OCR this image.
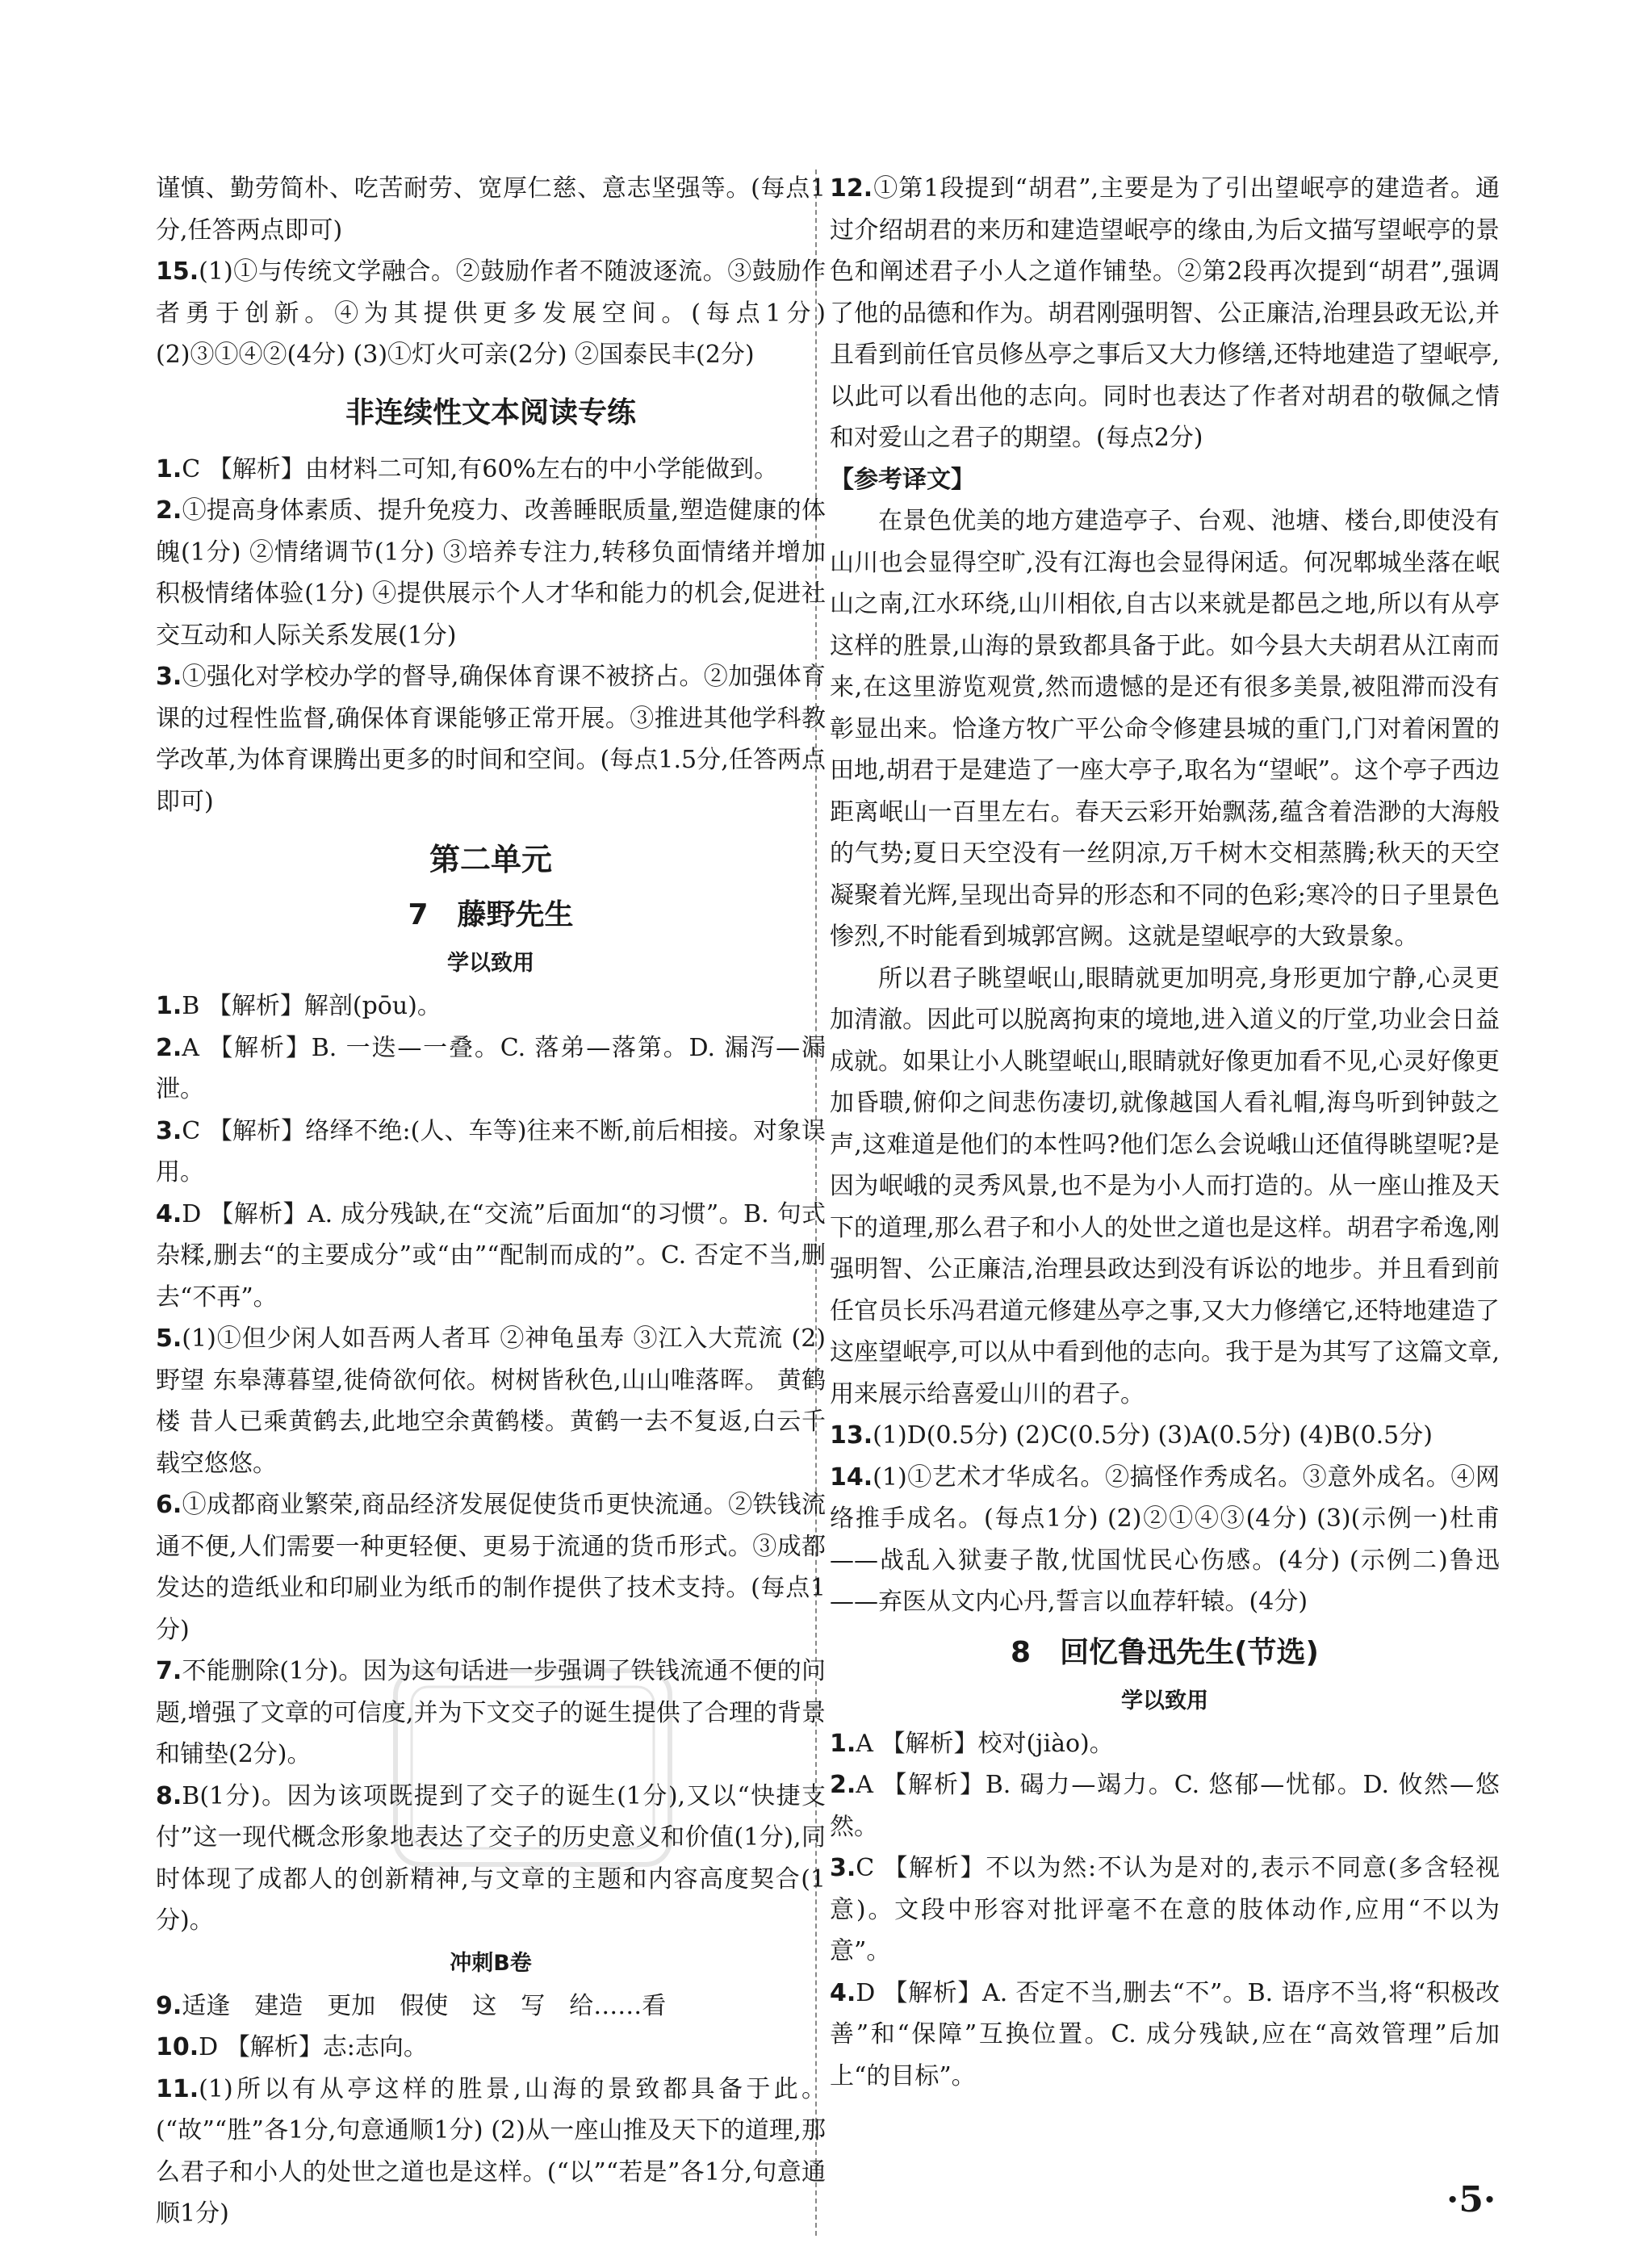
谨慎、勤劳简朴、吃苦耐劳、宽厚仁慈、意志坚强等。(每点1分,任答两点即可)

15.(1)①与传统文学融合。②鼓励作者不随波逐流。③鼓励作者勇于创新。④为其提供更多发展空间。(每点1分) (2)③①④②(4分) (3)①灯火可亲(2分) ②国泰民丰(2分)

非连续性文本阅读专练

1.C 【解析】由材料二可知,有60%左右的中小学能做到。

2.①提高身体素质、提升免疫力、改善睡眠质量,塑造健康的体魄(1分) ②情绪调节(1分) ③培养专注力,转移负面情绪并增加积极情绪体验(1分) ④提供展示个人才华和能力的机会,促进社交互动和人际关系发展(1分)

3.①强化对学校办学的督导,确保体育课不被挤占。②加强体育课的过程性监督,确保体育课能够正常开展。③推进其他学科教学改革,为体育课腾出更多的时间和空间。(每点1.5分,任答两点即可)

第二单元
7　藤野先生
学以致用

1.B 【解析】解剖(pōu)。

2.A 【解析】B. 一迭—一叠。C. 落弟—落第。D. 漏泻—漏泄。

3.C 【解析】络绎不绝:(人、车等)往来不断,前后相接。对象误用。

4.D 【解析】A. 成分残缺,在“交流”后面加“的习惯”。B. 句式杂糅,删去“的主要成分”或“由”“配制而成的”。C. 否定不当,删去“不再”。

5.(1)①但少闲人如吾两人者耳 ②神龟虽寿 ③江入大荒流 (2)野望 东皋薄暮望,徙倚欲何依。树树皆秋色,山山唯落晖。 黄鹤楼 昔人已乘黄鹤去,此地空余黄鹤楼。黄鹤一去不复返,白云千载空悠悠。

6.①成都商业繁荣,商品经济发展促使货币更快流通。②铁钱流通不便,人们需要一种更轻便、更易于流通的货币形式。③成都发达的造纸业和印刷业为纸币的制作提供了技术支持。(每点1分)

7.不能删除(1分)。因为这句话进一步强调了铁钱流通不便的问题,增强了文章的可信度,并为下文交子的诞生提供了合理的背景和铺垫(2分)。

8.B(1分)。因为该项既提到了交子的诞生(1分),又以“快捷支付”这一现代概念形象地表达了交子的历史意义和价值(1分),同时体现了成都人的创新精神,与文章的主题和内容高度契合(1分)。

冲刺B卷

9.适逢　建造　更加　假使　这　写　给……看

10.D 【解析】志:志向。

11.(1)所以有从亭这样的胜景,山海的景致都具备于此。(“故”“胜”各1分,句意通顺1分) (2)从一座山推及天下的道理,那么君子和小人的处世之道也是这样。(“以”“若是”各1分,句意通顺1分)

12.①第1段提到“胡君”,主要是为了引出望岷亭的建造者。通过介绍胡君的来历和建造望岷亭的缘由,为后文描写望岷亭的景色和阐述君子小人之道作铺垫。②第2段再次提到“胡君”,强调了他的品德和作为。胡君刚强明智、公正廉洁,治理县政无讼,并且看到前任官员修丛亭之事后又大力修缮,还特地建造了望岷亭,以此可以看出他的志向。同时也表达了作者对胡君的敬佩之情和对爱山之君子的期望。(每点2分)

【参考译文】

在景色优美的地方建造亭子、台观、池塘、楼台,即使没有山川也会显得空旷,没有江海也会显得闲适。何况郫城坐落在岷山之南,江水环绕,山川相依,自古以来就是都邑之地,所以有从亭这样的胜景,山海的景致都具备于此。如今县大夫胡君从江南而来,在这里游览观赏,然而遗憾的是还有很多美景,被阻滞而没有彰显出来。恰逢方牧广平公命令修建县城的重门,门对着闲置的田地,胡君于是建造了一座大亭子,取名为“望岷”。这个亭子西边距离岷山一百里左右。春天云彩开始飘荡,蕴含着浩渺的大海般的气势;夏日天空没有一丝阴凉,万千树木交相蒸腾;秋天的天空凝聚着光辉,呈现出奇异的形态和不同的色彩;寒冷的日子里景色惨烈,不时能看到城郭宫阙。这就是望岷亭的大致景象。

所以君子眺望岷山,眼睛就更加明亮,身形更加宁静,心灵更加清澈。因此可以脱离拘束的境地,进入道义的厅堂,功业会日益成就。如果让小人眺望岷山,眼睛就好像更加看不见,心灵好像更加昏聩,俯仰之间悲伤凄切,就像越国人看礼帽,海鸟听到钟鼓之声,这难道是他们的本性吗?他们怎么会说峨山还值得眺望呢?是因为岷峨的灵秀风景,也不是为小人而打造的。从一座山推及天下的道理,那么君子和小人的处世之道也是这样。胡君字希逸,刚强明智、公正廉洁,治理县政达到没有诉讼的地步。并且看到前任官员长乐冯君道元修建丛亭之事,又大力修缮它,还特地建造了这座望岷亭,可以从中看到他的志向。我于是为其写了这篇文章,用来展示给喜爱山川的君子。

13.(1)D(0.5分) (2)C(0.5分) (3)A(0.5分) (4)B(0.5分)

14.(1)①艺术才华成名。②搞怪作秀成名。③意外成名。④网络推手成名。(每点1分) (2)②①④③(4分) (3)(示例一)杜甫——战乱入狱妻子散,忧国忧民心伤感。(4分) (示例二)鲁迅——弃医从文内心丹,誓言以血荐轩辕。(4分)

8　回忆鲁迅先生(节选)
学以致用

1.A 【解析】校对(jiào)。

2.A 【解析】B. 碣力—竭力。C. 悠郁—忧郁。D. 攸然—悠然。

3.C 【解析】不以为然:不认为是对的,表示不同意(多含轻视意)。文段中形容对批评毫不在意的肢体动作,应用“不以为意”。

4.D 【解析】A. 否定不当,删去“不”。B. 语序不当,将“积极改善”和“保障”互换位置。C. 成分残缺,应在“高效管理”后加上“的目标”。

·5·
